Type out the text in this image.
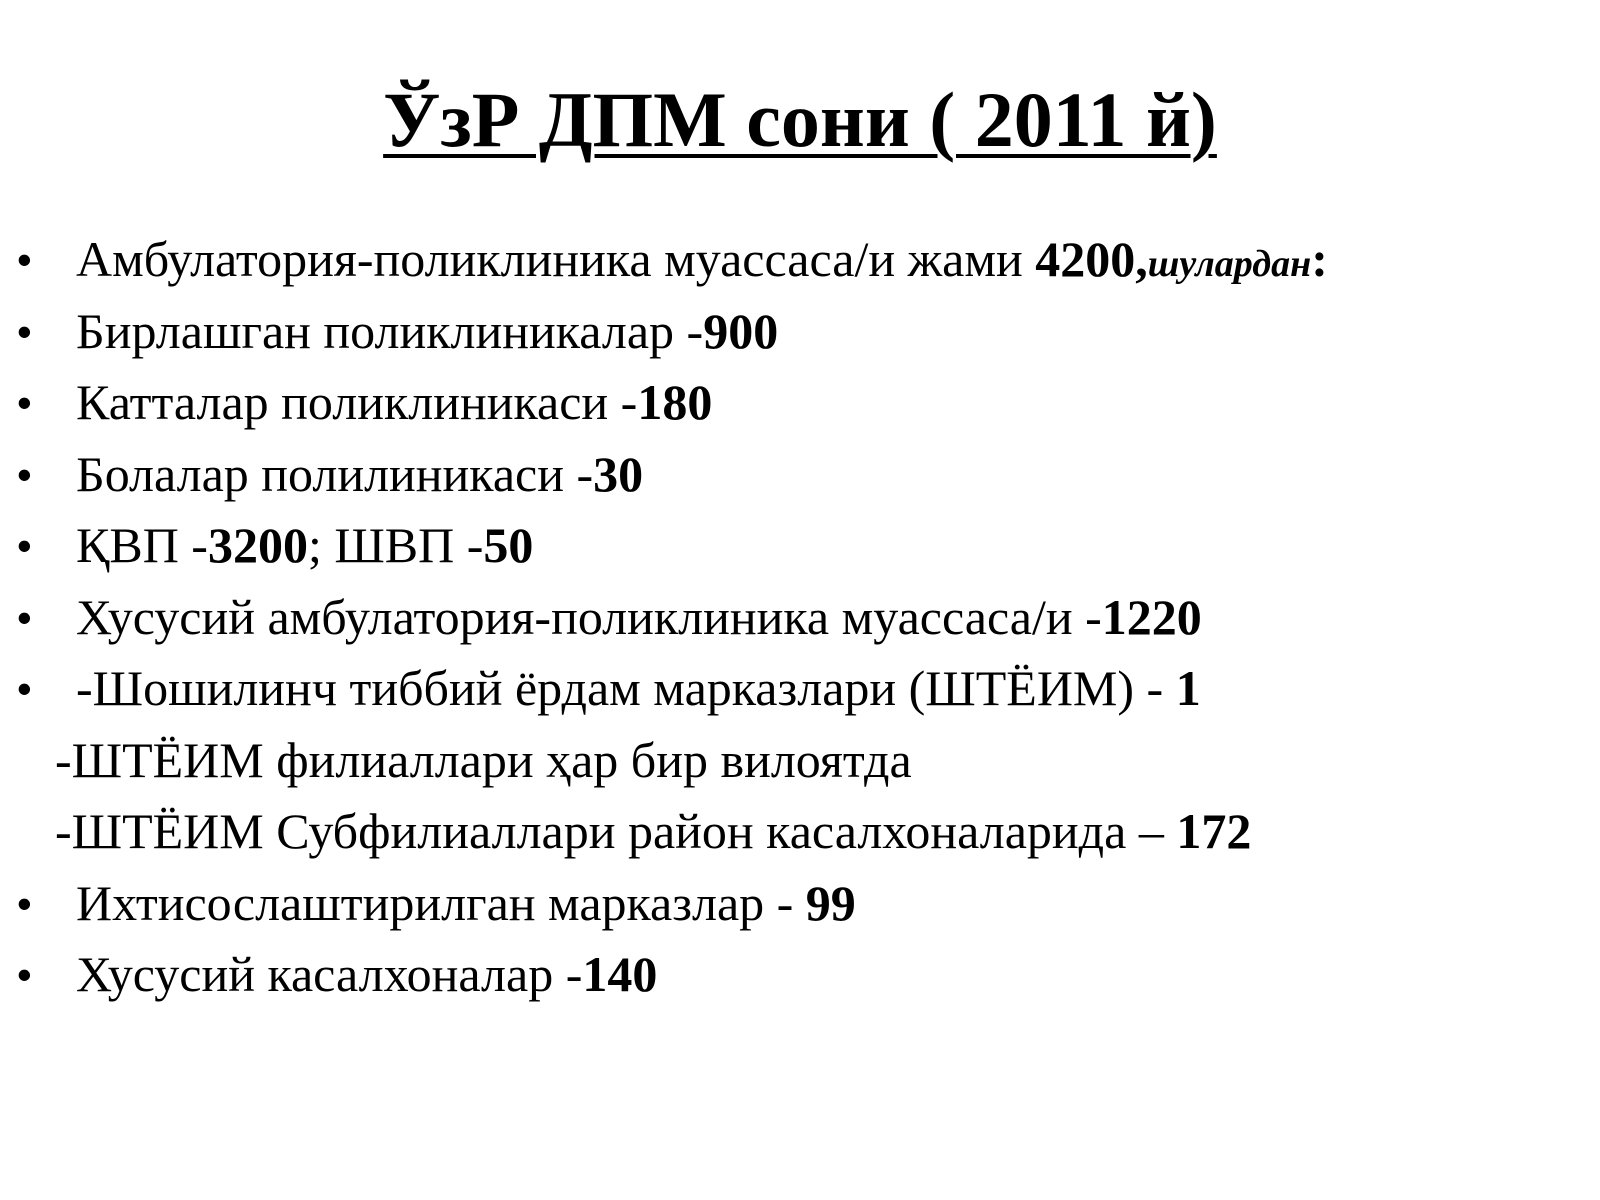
ЎзР ДПМ сони ( 2011 й)
• Амбулатория-поликлиника муассаса/и жами 4200,шулардан:
• Бирлашган поликлиникалар -900
• Катталар поликлиникаси -180
• Болалар полилиникаси -30
• ҚВП -3200; ШВП -50
• Хусусий амбулатория-поликлиника муассаса/и -1220
• -Шошилинч тиббий ёрдам марказлари (ШТЁИМ) - 1
-ШТЁИМ филиаллари ҳар бир вилоятда
-ШТЁИМ Субфилиаллари район касалхоналарида – 172
• Ихтисослаштирилган марказлар - 99
• Хусусий касалхоналар -140
